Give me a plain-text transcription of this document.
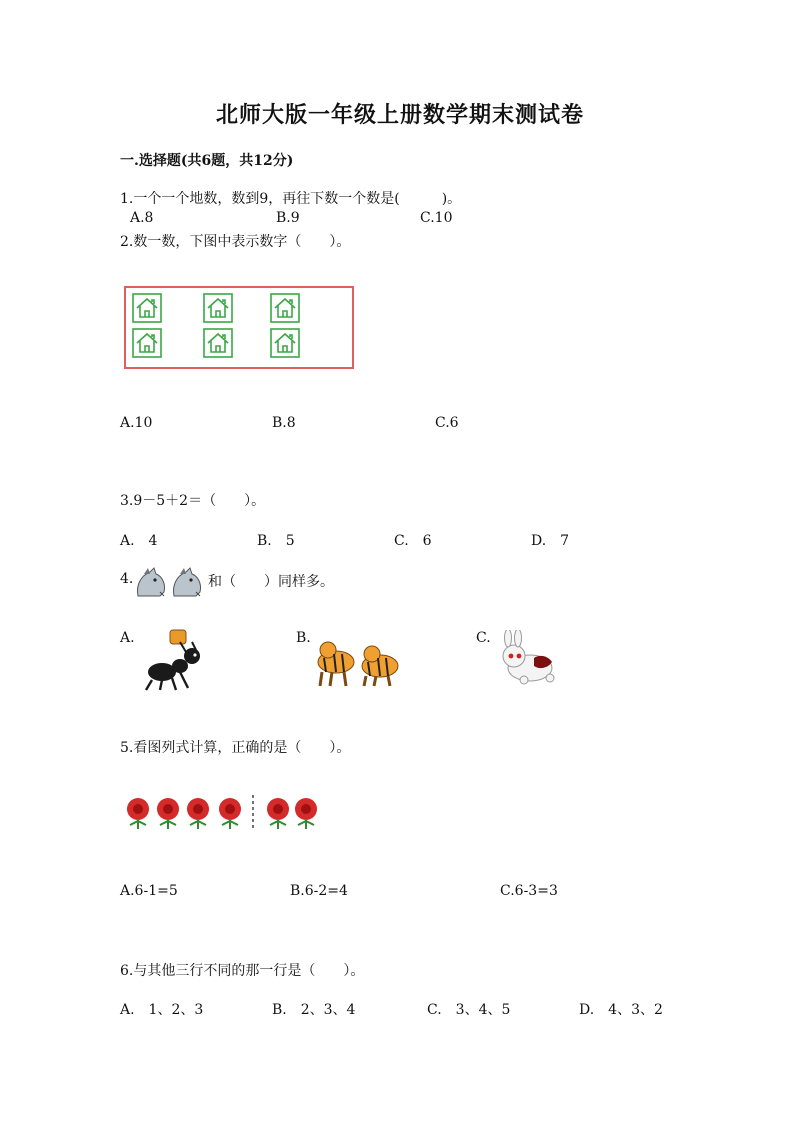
北师大版一年级上册数学期末测试卷
一.选择题(共6题，共12分)
1.一个一个地数，数到9，再往下数一个数是(　　　)。
A.8	B.9	C.10
2.数一数，下图中表示数字（　　）。
A.10	B.8	C.6
3.9－5＋2＝（　　）。
A.　4	B.　5	C.　6	D.　7
4.	和（　　）同样多。
A.	B.	C.
5.看图列式计算，正确的是（　　）。
A.6-1=5	B.6-2=4	C.6-3=3
6.与其他三行不同的那一行是（　　）。
A.　1、2、3	B.　2、3、4	C.　3、4、5	D.　4、3、2
